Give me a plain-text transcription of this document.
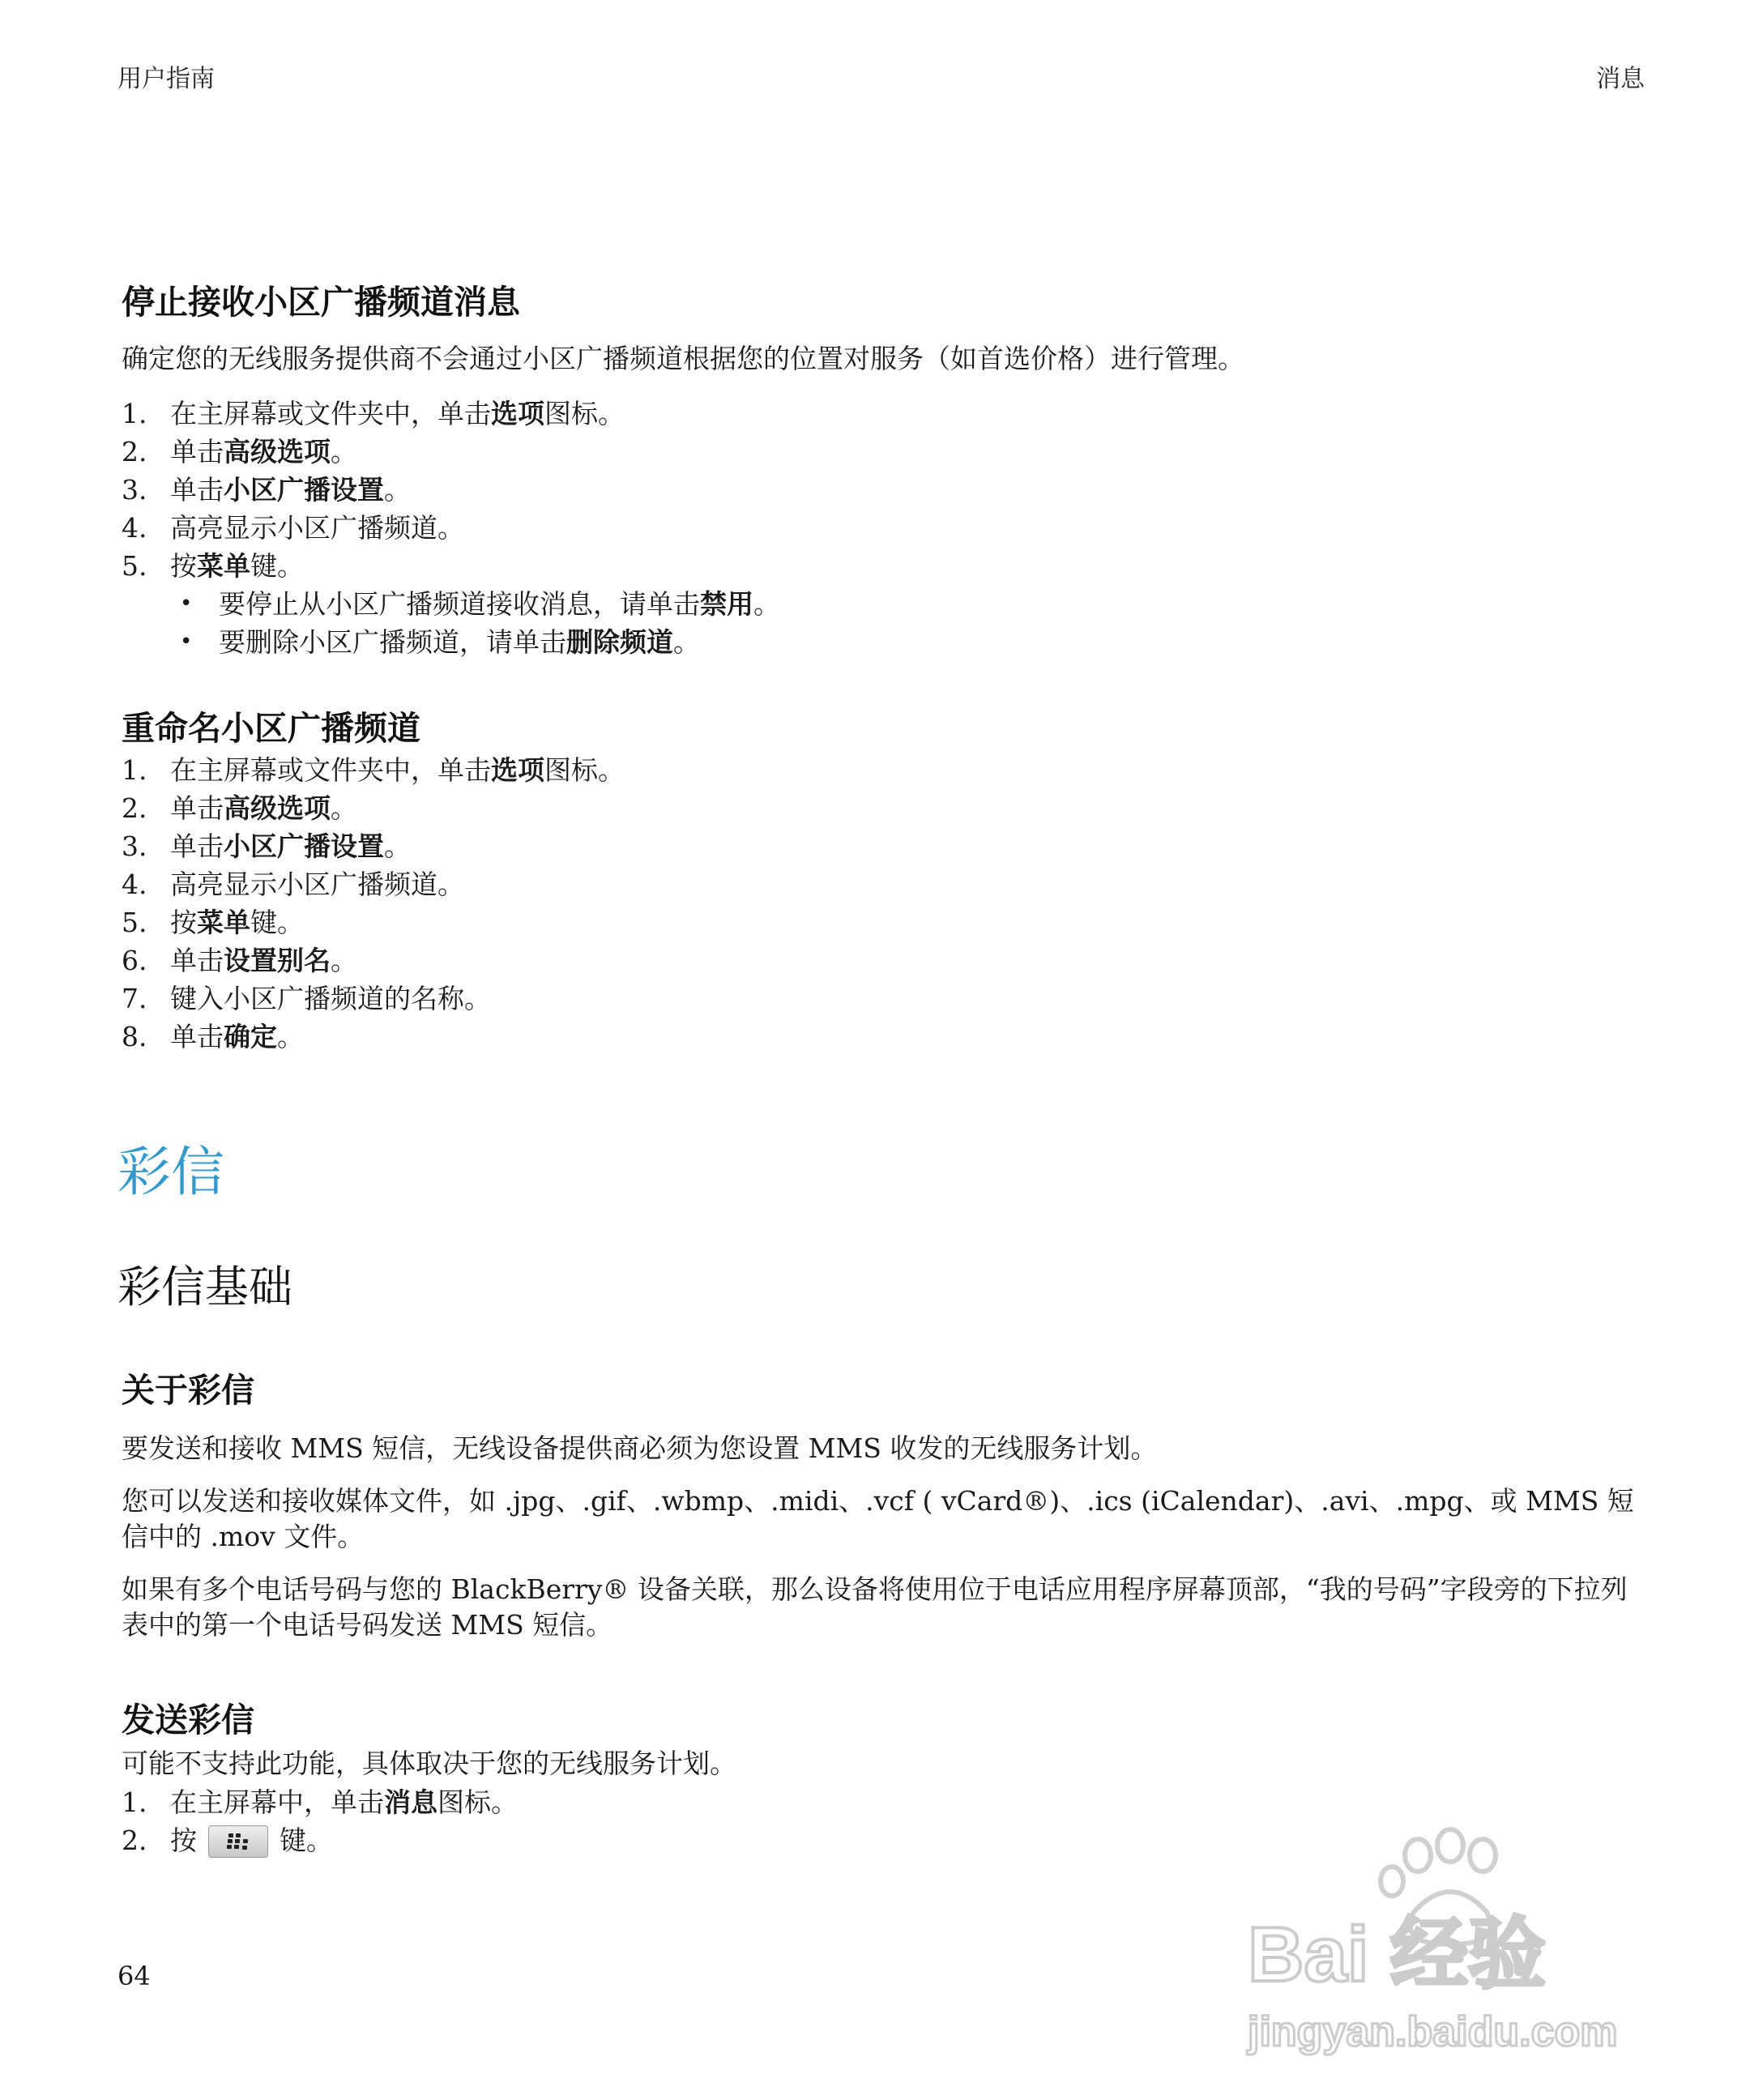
用户指南	消息
停止接收小区广播频道消息

确定您的无线服务提供商不会通过小区广播频道根据您的位置对服务（如首选价格）进行管理。

1. 在主屏幕或文件夹中，单击选项图标。
2. 单击高级选项。
3. 单击小区广播设置。
4. 高亮显示小区广播频道。
5. 按菜单键。
• 要停止从小区广播频道接收消息，请单击禁用。
• 要删除小区广播频道，请单击删除频道。
重命名小区广播频道
1. 在主屏幕或文件夹中，单击选项图标。
2. 单击高级选项。
3. 单击小区广播设置。
4. 高亮显示小区广播频道。
5. 按菜单键。
6. 单击设置别名。
7. 键入小区广播频道的名称。
8. 单击确定。
彩信
彩信基础
关于彩信

要发送和接收 MMS 短信，无线设备提供商必须为您设置 MMS 收发的无线服务计划。

您可以发送和接收媒体文件，如 .jpg、.gif、.wbmp、.midi、.vcf ( vCard®)、.ics (iCalendar)、.avi、.mpg、或 MMS 短信中的 .mov 文件。

如果有多个电话号码与您的 BlackBerry® 设备关联，那么设备将使用位于电话应用程序屏幕顶部，“我的号码”字段旁的下拉列表中的第一个电话号码发送 MMS 短信。

发送彩信

可能不支持此功能，具体取决于您的无线服务计划。

1. 在主屏幕中，单击消息图标。
2. 按	键。
64	Bai 经验
jingyan.baidu.com
